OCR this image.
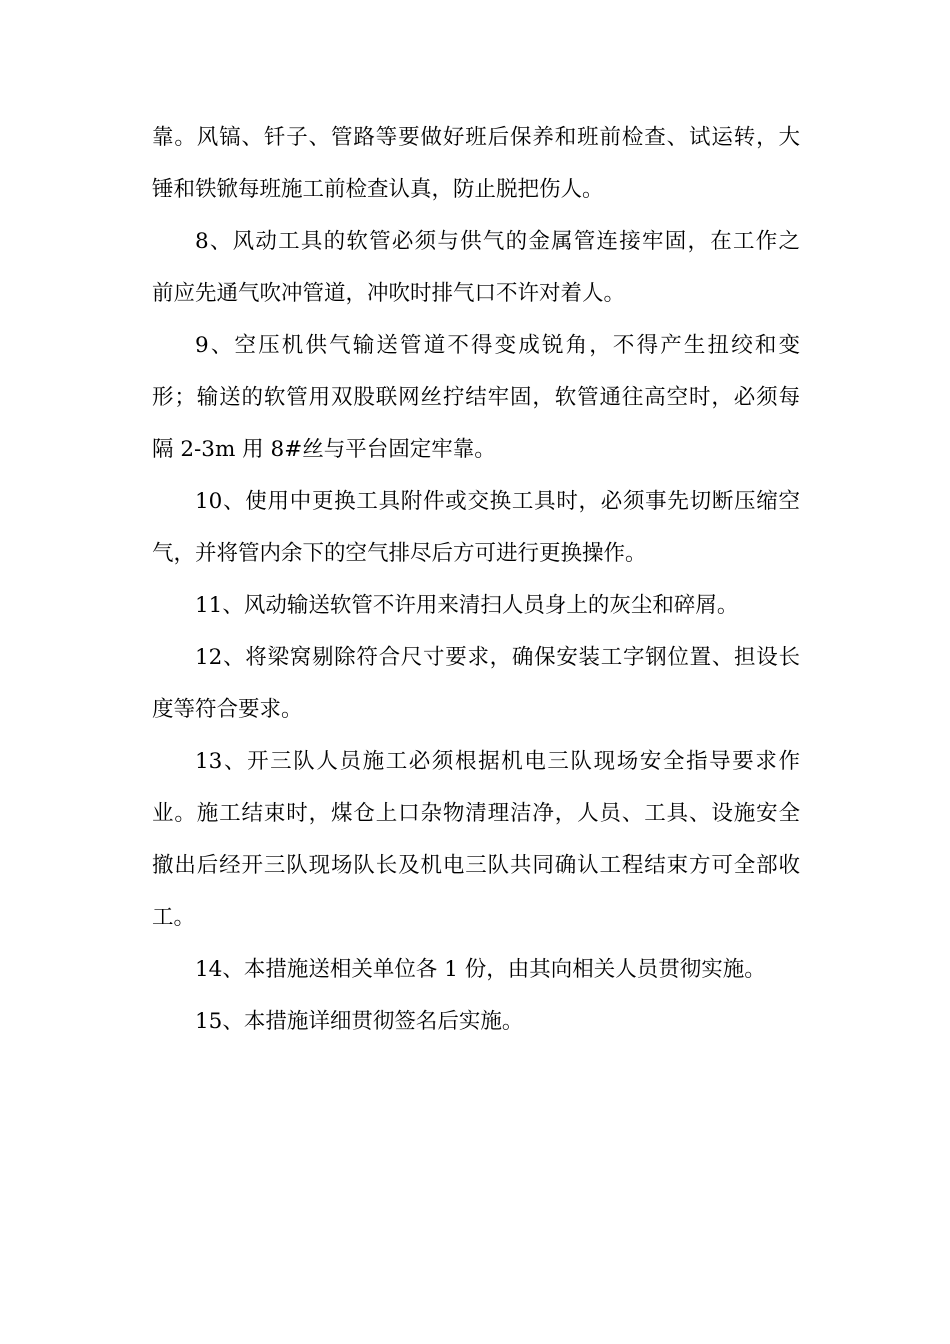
靠。风镐、钎子、管路等要做好班后保养和班前检查、试运转，大
锤和铁锨每班施工前检查认真，防止脱把伤人。
8、风动工具的软管必须与供气的金属管连接牢固，在工作之
前应先通气吹冲管道，冲吹时排气口不许对着人。
9、空压机供气输送管道不得变成锐角，不得产生扭绞和变
形；输送的软管用双股联网丝拧结牢固，软管通往高空时，必须每
隔 2-3m 用 8#丝与平台固定牢靠。
10、使用中更换工具附件或交换工具时，必须事先切断压缩空
气，并将管内余下的空气排尽后方可进行更换操作。
11、风动输送软管不许用来清扫人员身上的灰尘和碎屑。
12、将梁窝剔除符合尺寸要求，确保安装工字钢位置、担设长
度等符合要求。
13、开三队人员施工必须根据机电三队现场安全指导要求作
业。施工结束时，煤仓上口杂物清理洁净，人员、工具、设施安全
撤出后经开三队现场队长及机电三队共同确认工程结束方可全部收
工。
14、本措施送相关单位各 1 份，由其向相关人员贯彻实施。
15、本措施详细贯彻签名后实施。
